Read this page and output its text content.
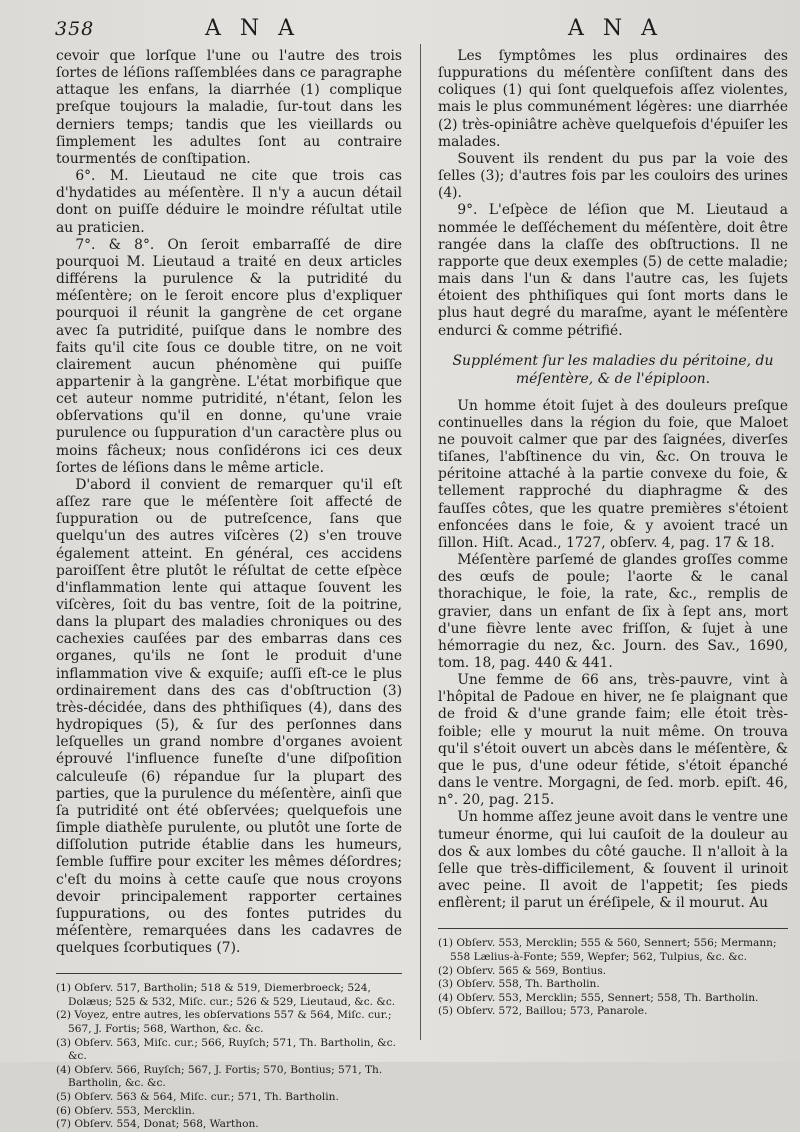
358	A N A	A N A

cevoir que lorſque l'une ou l'autre des trois ſortes de léſions raſſemblées dans ce paragraphe attaque les enfans, la diarrhée (1) complique preſque toujours la maladie, ſur-tout dans les derniers temps; tandis que les vieillards ou ſimplement les adultes ſont au contraire tourmentés de conſtipation.

6°. M. Lieutaud ne cite que trois cas d'hydatides au méſentère. Il n'y a aucun détail dont on puiſſe déduire le moindre réſultat utile au praticien.

7°. & 8°. On ſeroit embarraſſé de dire pourquoi M. Lieutaud a traité en deux articles différens la purulence & la putridité du méſentère; on le ſeroit encore plus d'expliquer pourquoi il réunit la gangrène de cet organe avec ſa putridité, puiſque dans le nombre des faits qu'il cite ſous ce double titre, on ne voit clairement aucun phénomène qui puiſſe appartenir à la gangrène. L'état morbifique que cet auteur nomme putridité, n'étant, ſelon les obſervations qu'il en donne, qu'une vraie purulence ou ſuppuration d'un caractère plus ou moins fâcheux; nous conſidérons ici ces deux ſortes de léſions dans le même article.

D'abord il convient de remarquer qu'il eſt aſſez rare que le méſentère ſoit affecté de ſuppuration ou de putreſcence, ſans que quelqu'un des autres viſcères (2) s'en trouve également atteint. En général, ces accidens paroiſſent être plutôt le réſultat de cette eſpèce d'inflammation lente qui attaque ſouvent les viſcères, ſoit du bas ventre, ſoit de la poitrine, dans la plupart des maladies chroniques ou des cachexies cauſées par des embarras dans ces organes, qu'ils ne ſont le produit d'une inflammation vive & exquiſe; auſſi eſt-ce le plus ordinairement dans des cas d'obſtruction (3) très-décidée, dans des phthiſiques (4), dans des hydropiques (5), & ſur des perſonnes dans leſquelles un grand nombre d'organes avoient éprouvé l'influence funeſte d'une diſpoſition calculeuſe (6) répandue ſur la plupart des parties, que la purulence du méſentère, ainſi que ſa putridité ont été obſervées; quelquefois une ſimple diathèſe purulente, ou plutôt une ſorte de diſſolution putride établie dans les humeurs, ſemble ſuffire pour exciter les mêmes déſordres; c'eſt du moins à cette cauſe que nous croyons devoir principalement rapporter certaines ſuppurations, ou des fontes putrides du méſentère, remarquées dans les cadavres de quelques ſcorbutiques (7).

(1) Obſerv. 517, Bartholin; 518 & 519, Diemerbroeck; 524, Dolæus; 525 & 532, Miſc. cur.; 526 & 529, Lieutaud, &c. &c.
(2) Voyez, entre autres, les obſervations 557 & 564, Miſc. cur.; 567, J. Fortis; 568, Warthon, &c. &c.
(3) Obſerv. 563, Miſc. cur.; 566, Ruyſch; 571, Th. Bartholin, &c. &c.
(4) Obſerv. 566, Ruyſch; 567, J. Fortis; 570, Bontius; 571, Th. Bartholin, &c. &c.
(5) Obſerv. 563 & 564, Miſc. cur.; 571, Th. Bartholin.
(6) Obſerv. 553, Mercklin.
(7) Obſerv. 554, Donat; 568, Warthon.

Les ſymptômes les plus ordinaires des ſuppurations du méſentère conſiſtent dans des coliques (1) qui ſont quelquefois aſſez violentes, mais le plus communément légères: une diarrhée (2) très-opiniâtre achève quelquefois d'épuiſer les malades.

Souvent ils rendent du pus par la voie des ſelles (3); d'autres fois par les couloirs des urines (4).

9°. L'eſpèce de léſion que M. Lieutaud a nommée le deſſéchement du méſentère, doit être rangée dans la claſſe des obſtructions. Il ne rapporte que deux exemples (5) de cette maladie; mais dans l'un & dans l'autre cas, les ſujets étoient des phthiſiques qui ſont morts dans le plus haut degré du maraſme, ayant le méſentère endurci & comme pétrifié.

Supplément ſur les maladies du péritoine, du méſentère, & de l'épiploon.

Un homme étoit ſujet à des douleurs preſque continuelles dans la région du foie, que Maloet ne pouvoit calmer que par des ſaignées, diverſes tiſanes, l'abſtinence du vin, &c. On trouva le péritoine attaché à la partie convexe du foie, & tellement rapproché du diaphragme & des fauſſes côtes, que les quatre premières s'étoient enfoncées dans le foie, & y avoient tracé un ſillon. Hiſt. Acad., 1727, obſerv. 4, pag. 17 & 18.

Méſentère parſemé de glandes groſſes comme des œufs de poule; l'aorte & le canal thorachique, le foie, la rate, &c., remplis de gravier, dans un enfant de ſix à ſept ans, mort d'une fièvre lente avec friſſon, & ſujet à une hémorragie du nez, &c. Journ. des Sav., 1690, tom. 18, pag. 440 & 441.

Une femme de 66 ans, très-pauvre, vint à l'hôpital de Padoue en hiver, ne ſe plaignant que de froid & d'une grande faim; elle étoit très-foible; elle y mourut la nuit même. On trouva qu'il s'étoit ouvert un abcès dans le méſentère, & que le pus, d'une odeur fétide, s'étoit épanché dans le ventre. Morgagni, de ſed. morb. epiſt. 46, n°. 20, pag. 215.

Un homme aſſez jeune avoit dans le ventre une tumeur énorme, qui lui cauſoit de la douleur au dos & aux lombes du côté gauche. Il n'alloit à la ſelle que très-difficilement, & ſouvent il urinoit avec peine. Il avoit de l'appetit; ſes pieds enflèrent; il parut un éréſipele, & il mourut. Au

(1) Obſerv. 553, Mercklin; 555 & 560, Sennert; 556; Mermann; 558 Lælius-à-Fonte; 559, Wepfer; 562, Tulpius, &c. &c.
(2) Obſerv. 565 & 569, Bontius.
(3) Obſerv. 558, Th. Bartholin.
(4) Obſerv. 553, Mercklin; 555, Sennert; 558, Th. Bartholin.
(5) Obſerv. 572, Baillou; 573, Panarole.
